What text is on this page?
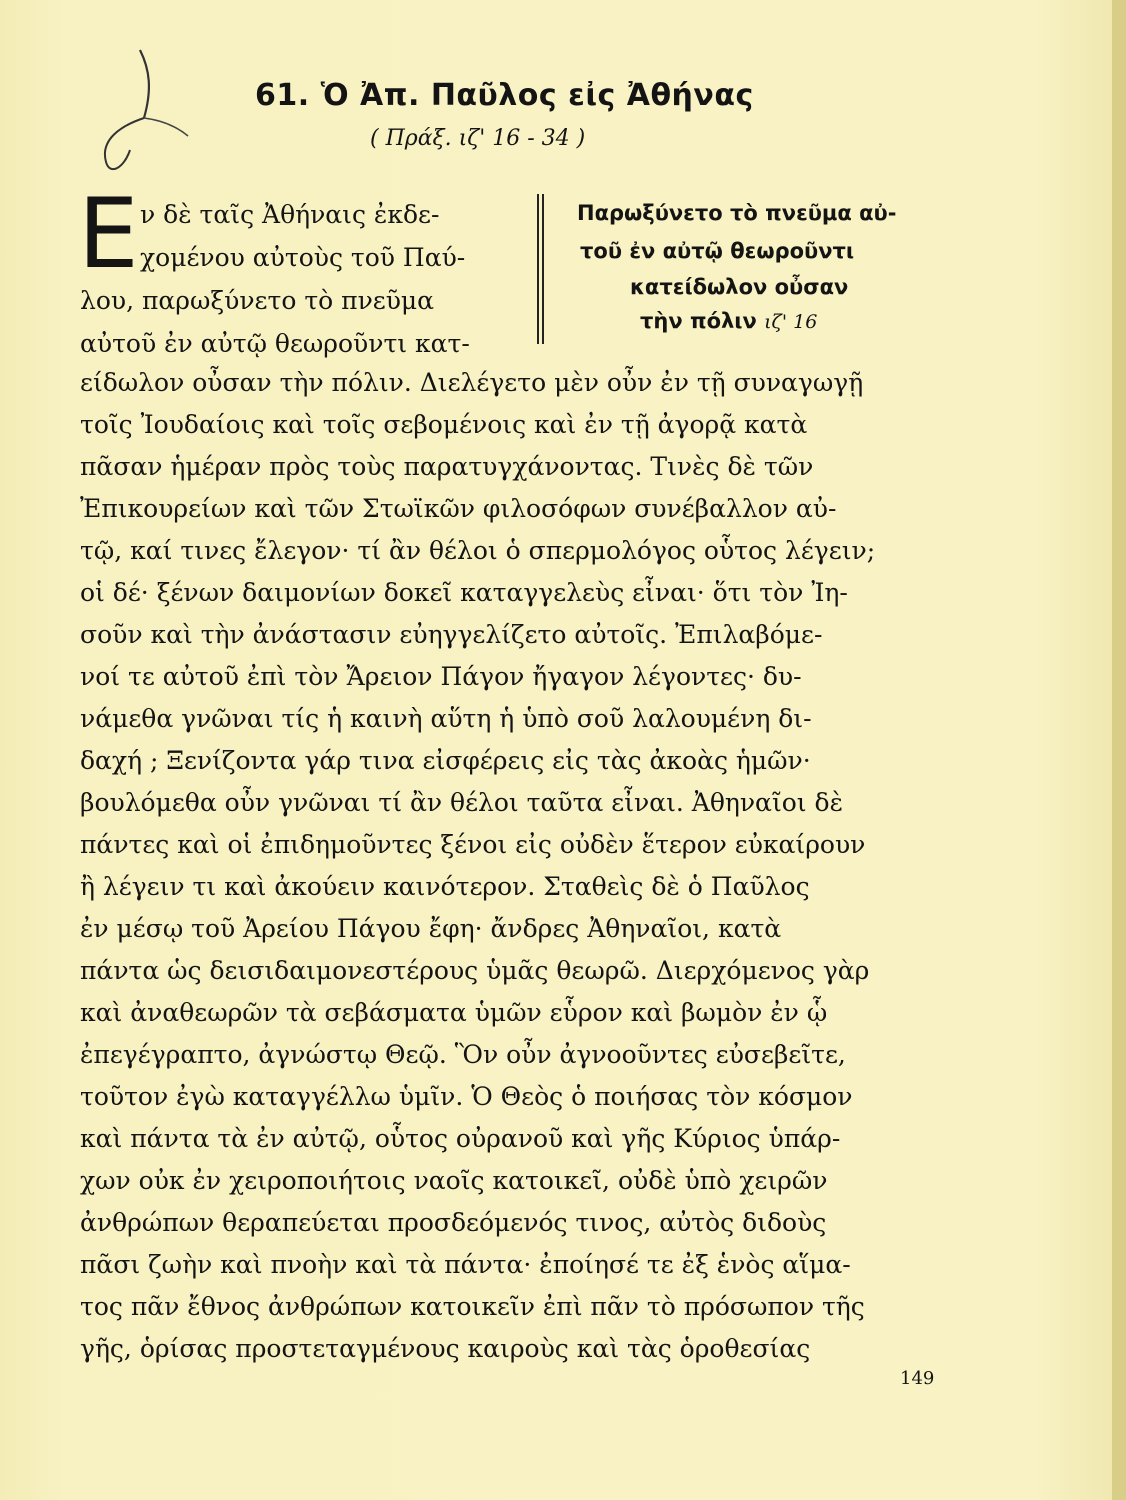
61. Ὁ Ἀπ. Παῦλος εἰς Ἀθήνας
( Πράξ. ιζ' 16 - 34 )
Ε ν δὲ ταῖς Ἀθήναις ἐκδε-
χομένου αὐτοὺς τοῦ Παύ-
λου, παρωξύνετο τὸ πνεῦμα
αὐτοῦ ἐν αὐτῷ θεωροῦντι κατ-
είδωλον οὖσαν τὴν πόλιν. Διελέγετο μὲν οὖν ἐν τῇ συναγωγῇ
τοῖς Ἰουδαίοις καὶ τοῖς σεβομένοις καὶ ἐν τῇ ἀγορᾷ κατὰ
πᾶσαν ἡμέραν πρὸς τοὺς παρατυγχάνοντας. Τινὲς δὲ τῶν
Ἐπικουρείων καὶ τῶν Στωϊκῶν φιλοσόφων συνέβαλλον αὐ-
τῷ, καί τινες ἔλεγον· τί ἂν θέλοι ὁ σπερμολόγος οὗτος λέγειν;
οἱ δέ· ξένων δαιμονίων δοκεῖ καταγγελεὺς εἶναι· ὅτι τὸν Ἰη-
σοῦν καὶ τὴν ἀνάστασιν εὐηγγελίζετο αὐτοῖς. Ἐπιλαβόμε-
νοί τε αὐτοῦ ἐπὶ τὸν Ἄρειον Πάγον ἤγαγον λέγοντες· δυ-
νάμεθα γνῶναι τίς ἡ καινὴ αὕτη ἡ ὑπὸ σοῦ λαλουμένη δι-
δαχή ; Ξενίζοντα γάρ τινα εἰσφέρεις εἰς τὰς ἀκοὰς ἡμῶν·
βουλόμεθα οὖν γνῶναι τί ἂν θέλοι ταῦτα εἶναι. Ἀθηναῖοι δὲ
πάντες καὶ οἱ ἐπιδημοῦντες ξένοι εἰς οὐδὲν ἕτερον εὐκαίρουν
ἢ λέγειν τι καὶ ἀκούειν καινότερον. Σταθεὶς δὲ ὁ Παῦλος
ἐν μέσῳ τοῦ Ἀρείου Πάγου ἔφη· ἄνδρες Ἀθηναῖοι, κατὰ
πάντα ὡς δεισιδαιμονεστέρους ὑμᾶς θεωρῶ. Διερχόμενος γὰρ
καὶ ἀναθεωρῶν τὰ σεβάσματα ὑμῶν εὗρον καὶ βωμὸν ἐν ᾧ
ἐπεγέγραπτο, ἀγνώστῳ Θεῷ. Ὃν οὖν ἀγνοοῦντες εὐσεβεῖτε,
τοῦτον ἐγὼ καταγγέλλω ὑμῖν. Ὁ Θεὸς ὁ ποιήσας τὸν κόσμον
καὶ πάντα τὰ ἐν αὐτῷ, οὗτος οὐρανοῦ καὶ γῆς Κύριος ὑπάρ-
χων οὐκ ἐν χειροποιήτοις ναοῖς κατοικεῖ, οὐδὲ ὑπὸ χειρῶν
ἀνθρώπων θεραπεύεται προσδεόμενός τινος, αὐτὸς διδοὺς
πᾶσι ζωὴν καὶ πνοὴν καὶ τὰ πάντα· ἐποίησέ τε ἐξ ἑνὸς αἵμα-
τος πᾶν ἔθνος ἀνθρώπων κατοικεῖν ἐπὶ πᾶν τὸ πρόσωπον τῆς
γῆς, ὁρίσας προστεταγμένους καιροὺς καὶ τὰς ὁροθεσίας
Παρωξύνετο τὸ πνεῦμα αὐ-
τοῦ ἐν αὐτῷ θεωροῦντι
κατείδωλον οὖσαν
τὴν πόλιν ιζ' 16
149
